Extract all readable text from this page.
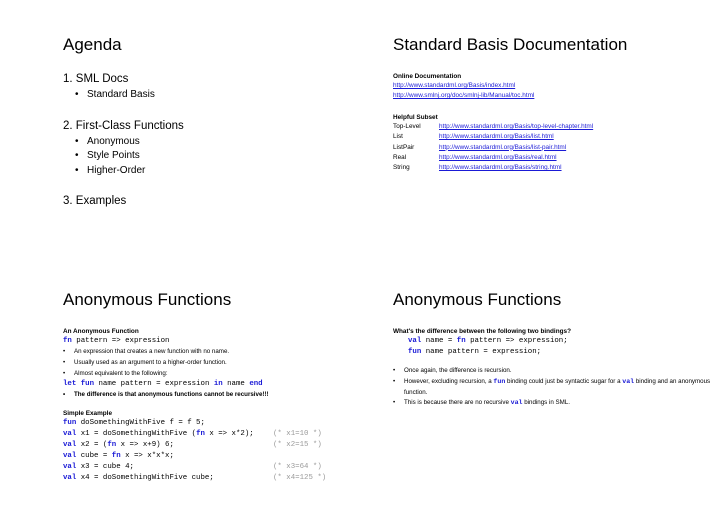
Agenda

1. SML Docs

• Standard Basis

2. First-Class Functions

• Anonymous
• Style Points
• Higher-Order

3. Examples

Standard Basis Documentation

Online Documentation

http://www.standardml.org/Basis/index.html
http://www.smlnj.org/doc/smlnj-lib/Manual/toc.html

Helpful Subset

Top-Level	http://www.standardml.org/Basis/top-level-chapter.html
List	http://www.standardml.org/Basis/list.html
ListPair	http://www.standardml.org/Basis/list-pair.html
Real	http://www.standardml.org/Basis/real.html
String	http://www.standardml.org/Basis/string.html
Anonymous Functions

An Anonymous Function

fn pattern => expression

• An expression that creates a new function with no name.
• Usually used as an argument to a higher-order function.
• Almost equivalent to the following:

let fun name pattern = expression in name end

• The difference is that anonymous functions cannot be recursive!!!

Simple Example

fun doSomethingWithFive f = f 5;
val x1 = doSomethingWithFive (fn x => x*2);	(* x1=10 *)
val x2 = (fn x => x+9) 6;	(* x2=15 *)
val cube = fn x => x*x*x;
val x3 = cube 4;	(* x3=64 *)
val x4 = doSomethingWithFive cube;	(* x4=125 *)
Anonymous Functions

What's the difference between the following two bindings?

val name = fn pattern => expression;

fun name pattern = expression;

• Once again, the difference is recursion.
• However, excluding recursion, a fun binding could just be syntactic sugar for a val binding and an anonymous function.
• This is because there are no recursive val bindings in SML.
